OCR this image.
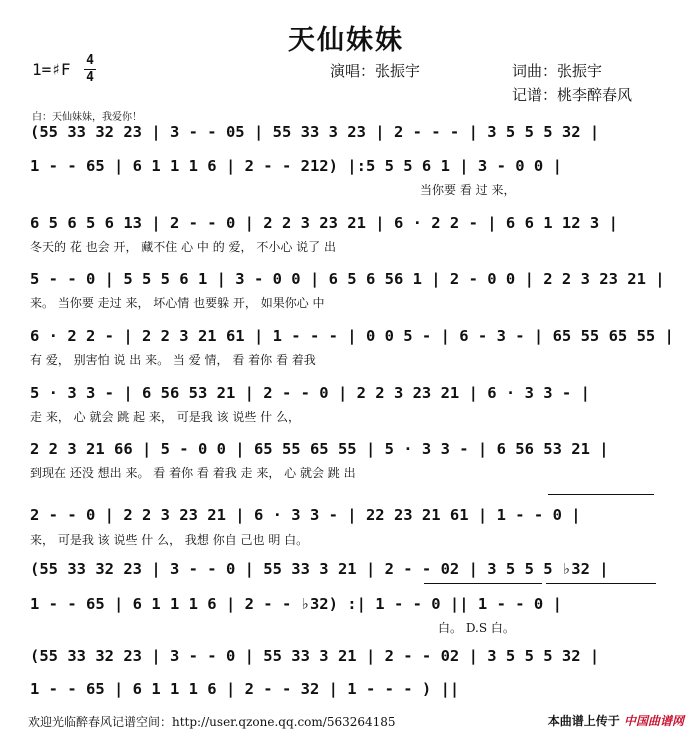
天仙妹妹
1=♯F 4
4	演唱：张振宇	词曲：张振宇
记谱：桃李醉春风
白：天仙妹妹，我爱你！
(55 33 32 23 | 3 - - 05 | 55 33 3 23 | 2 - - - | 3 5 5 5 32 |
1 - - 65 | 6 1 1 1 6 | 2 - - 212) |:5 5 5 6 1 | 3 - 0 0 |
当你要 看 过 来，
6 5 6 5 6 13 | 2 - - 0 | 2 2 3 23 21 | 6 · 2 2 - | 6 6 1 12 3 |
冬天的 花 也会 开， 藏不住 心 中 的 爱， 不小心 说了 出
5 - - 0 | 5 5 5 6 1 | 3 - 0 0 | 6 5 6 56 1 | 2 - 0 0 | 2 2 3 23 21 |
来。 当你要 走过 来， 坏心情 也要躲 开， 如果你心 中
6 · 2 2 - | 2 2 3 21 61 | 1 - - - | 0 0 5 - | 6 - 3 - | 65 55 65 55 |
有 爱， 别害怕 说 出 来。 当 爱 情， 看 着你 看 着我
5 · 3 3 - | 6 56 53 21 | 2 - - 0 | 2 2 3 23 21 | 6 · 3 3 - |
走 来， 心 就会 跳 起 来， 可是我 该 说些 什 么，
2 2 3 21 66 | 5 - 0 0 | 65 55 65 55 | 5 · 3 3 - | 6 56 53 21 |
到现在 还没 想出 来。 看 着你 看 着我 走 来， 心 就会 跳 出
2 - - 0 | 2 2 3 23 21 | 6 · 3 3 - | 22 23 21 61 | 1 - - 0 |
来， 可是我 该 说些 什 么， 我想 你自 己也 明 白。
(55 33 32 23 | 3 - - 0 | 55 33 3 21 | 2 - - 02 | 3 5 5 5 ♭32 |
1 - - 65 | 6 1 1 1 6 | 2 - - ♭32) :| 1 - - 0 || 1 - - 0 |
白。 D.S 白。
(55 33 32 23 | 3 - - 0 | 55 33 3 21 | 2 - - 02 | 3 5 5 5 32 |
1 - - 65 | 6 1 1 1 6 | 2 - - 32 | 1 - - - ) ||
欢迎光临醉春风记谱空间：http://user.qzone.qq.com/563264185	本曲谱上传于 中国曲谱网
